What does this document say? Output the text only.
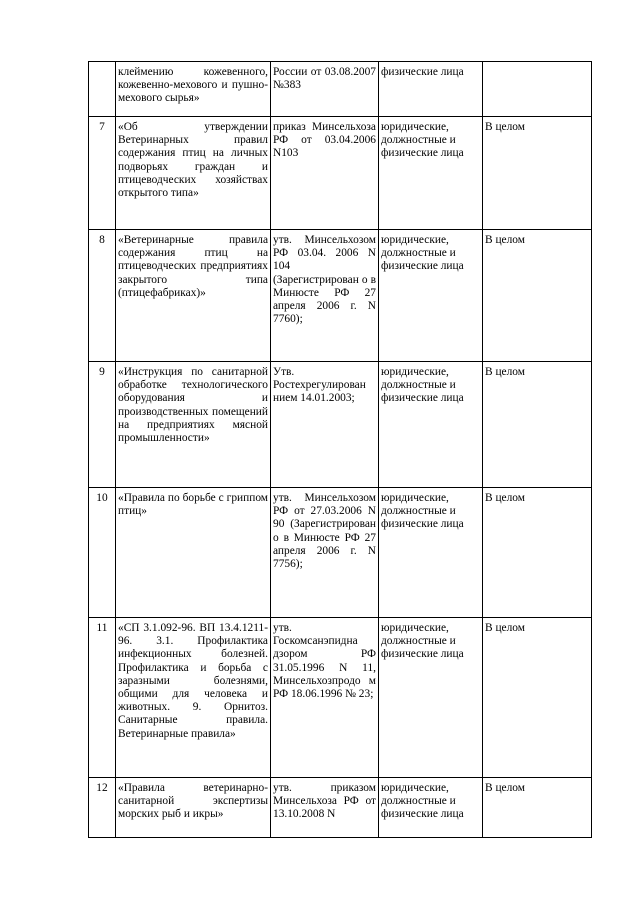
	клеймению кожевенного, кожевенно-мехового и пушно-мехового сырья»	России от 03.08.2007 №383	физические лица	

7	«Об утверждении Ветеринарных правил содержания птиц на личных подворьях граждан и птицеводческих хозяйствах открытого типа»	приказ Минсельхоза РФ от 03.04.2006 N103	юридические, должностные и физические лица	В целом

8	«Ветеринарные правила содержания птиц на птицеводческих предприятиях закрытого типа (птицефабриках)»	утв. Минсельхозом РФ 03.04. 2006 N 104 (Зарегистрирован о в Минюсте РФ 27 апреля 2006 г. N 7760);	юридические, должностные и физические лица	В целом

9	«Инструкция по санитарной обработке технологического оборудования и производственных помещений на предприятиях мясной промышленности»	Утв. Ростехрегулирован нием 14.01.2003;	юридические, должностные и физические лица	В целом

10	«Правила по борьбе с гриппом птиц»	утв. Минсельхозом РФ от 27.03.2006 N 90 (Зарегистрирован о в Минюсте РФ 27 апреля 2006 г. N 7756);	юридические, должностные и физические лица	В целом

11	«СП 3.1.092-96. ВП 13.4.1211-96. 3.1. Профилактика инфекционных болезней. Профилактика и борьба с заразными болезнями, общими для человека и животных. 9. Орнитоз. Санитарные правила. Ветеринарные правила»	утв. Госкомсанэпидна дзором РФ 31.05.1996 N 11, Минсельхозпродо м РФ 18.06.1996 № 23;	юридические, должностные и физические лица	В целом

12	«Правила ветеринарно-санитарной экспертизы морских рыб и икры»	утв. приказом Минсельхоза РФ от 13.10.2008 N	юридические, должностные и физические лица	В целом
